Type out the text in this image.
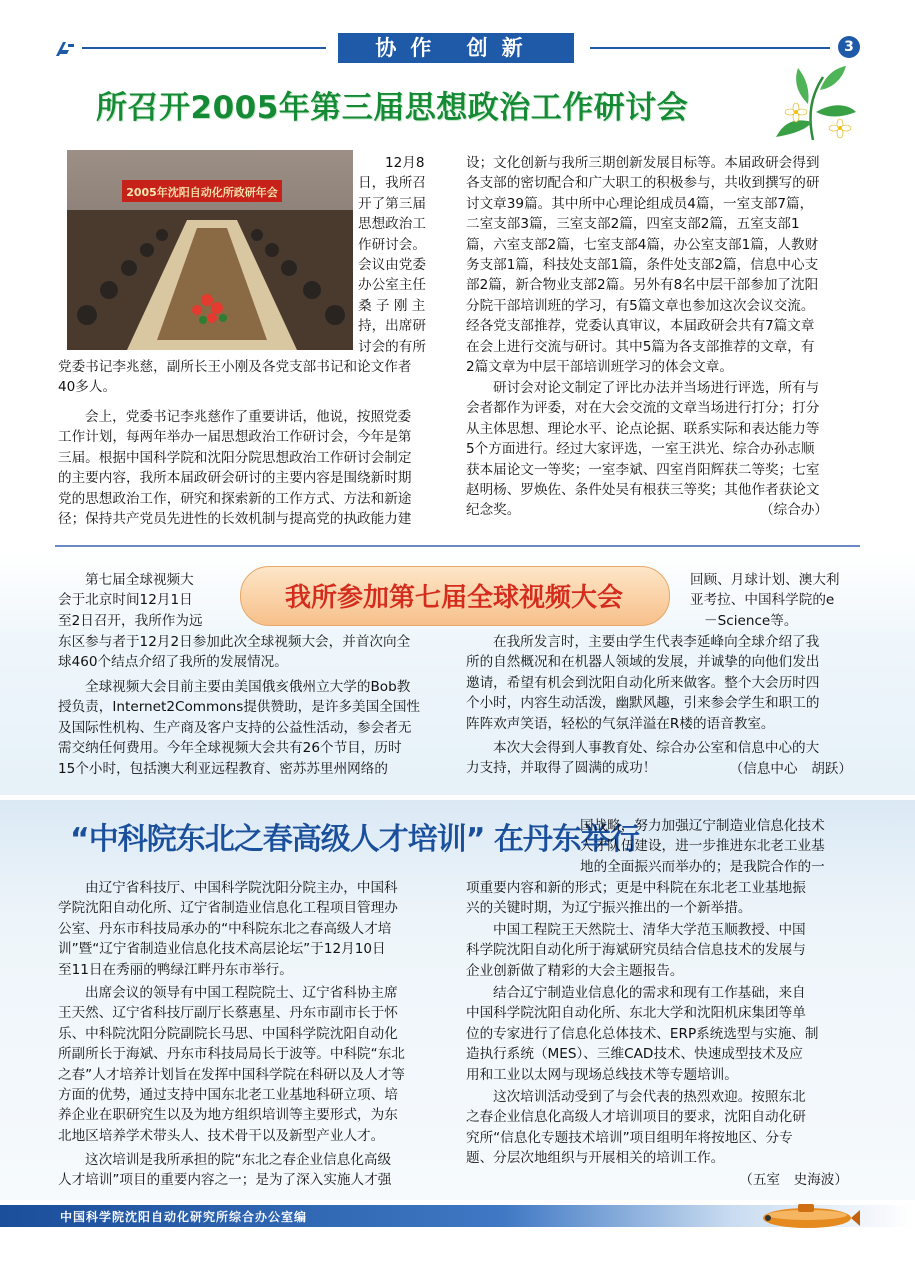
协作 创新	3
所召开2005年第三届思想政治工作研讨会
2005年沈阳自动化所政研年会
12月8
日，我所召
开了第三届
思想政治工
作研讨会。
会议由党委
办公室主任
桑 子 刚 主
持，出席研
讨会的有所
党委书记李兆慈，副所长王小刚及各党支部书记和论文作者
40多人。
会上，党委书记李兆慈作了重要讲话，他说，按照党委
工作计划，每两年举办一届思想政治工作研讨会，今年是第
三届。根据中国科学院和沈阳分院思想政治工作研讨会制定
的主要内容，我所本届政研会研讨的主要内容是围绕新时期
党的思想政治工作，研究和探索新的工作方式、方法和新途
径；保持共产党员先进性的长效机制与提高党的执政能力建
设；文化创新与我所三期创新发展目标等。本届政研会得到
各支部的密切配合和广大职工的积极参与，共收到撰写的研
讨文章39篇。其中所中心理论组成员4篇，一室支部7篇，
二室支部3篇，三室支部2篇，四室支部2篇，五室支部1
篇，六室支部2篇，七室支部4篇，办公室支部1篇，人教财
务支部1篇，科技处支部1篇，条件处支部2篇，信息中心支
部2篇，新合物业支部2篇。另外有8名中层干部参加了沈阳
分院干部培训班的学习，有5篇文章也参加这次会议交流。
经各党支部推荐，党委认真审议，本届政研会共有7篇文章
在会上进行交流与研讨。其中5篇为各支部推荐的文章，有
2篇文章为中层干部培训班学习的体会文章。
研讨会对论文制定了评比办法并当场进行评选，所有与
会者都作为评委，对在大会交流的文章当场进行打分；打分
从主体思想、理论水平、论点论据、联系实际和表达能力等
5个方面进行。经过大家评选，一室王洪光、综合办孙志顺
获本届论文一等奖；一室李斌、四室肖阳辉获二等奖；七室
赵明杨、罗焕佐、条件处吴有根获三等奖；其他作者获论文
纪念奖。	（综合办）
我所参加第七届全球视频大会
第七届全球视频大
会于北京时间12月1日
至2日召开，我所作为远
回顾、月球计划、澳大利
亚考拉、中国科学院的e
－Science等。
东区参与者于12月2日参加此次全球视频大会，并首次向全
球460个结点介绍了我所的发展情况。
全球视频大会目前主要由美国俄亥俄州立大学的Bob教
授负责，Internet2Commons提供赞助，是许多美国全国性
及国际性机构、生产商及客户支持的公益性活动，参会者无
需交纳任何费用。今年全球视频大会共有26个节目，历时
15个小时，包括澳大利亚远程教育、密苏苏里州网络的
在我所发言时，主要由学生代表李延峰向全球介绍了我
所的自然概况和在机器人领域的发展，并诚挚的向他们发出
邀请，希望有机会到沈阳自动化所来做客。整个大会历时四
个小时，内容生动活泼，幽默风趣，引来参会学生和职工的
阵阵欢声笑语，轻松的气氛洋溢在R楼的语音教室。
本次大会得到人事教育处、综合办公室和信息中心的大
力支持，并取得了圆满的成功！	（信息中心　胡跃）
“中科院东北之春高级人才培训” 在丹东举行
国战略，努力加强辽宁制造业信息化技术
人才队伍建设，进一步推进东北老工业基
地的全面振兴而举办的；是我院合作的一
由辽宁省科技厅、中国科学院沈阳分院主办，中国科
学院沈阳自动化所、辽宁省制造业信息化工程项目管理办
公室、丹东市科技局承办的“中科院东北之春高级人才培
训”暨“辽宁省制造业信息化技术高层论坛”于12月10日
至11日在秀丽的鸭绿江畔丹东市举行。
出席会议的领导有中国工程院院士、辽宁省科协主席
王天然、辽宁省科技厅副厅长蔡惠星、丹东市副市长于怀
乐、中科院沈阳分院副院长马思、中国科学院沈阳自动化
所副所长于海斌、丹东市科技局局长于波等。中科院“东北
之春”人才培养计划旨在发挥中国科学院在科研以及人才等
方面的优势，通过支持中国东北老工业基地科研立项、培
养企业在职研究生以及为地方组织培训等主要形式，为东
北地区培养学术带头人、技术骨干以及新型产业人才。
这次培训是我所承担的院“东北之春企业信息化高级
人才培训”项目的重要内容之一；是为了深入实施人才强
项重要内容和新的形式；更是中科院在东北老工业基地振
兴的关键时期，为辽宁振兴推出的一个新举措。
中国工程院王天然院士、清华大学范玉顺教授、中国
科学院沈阳自动化所于海斌研究员结合信息技术的发展与
企业创新做了精彩的大会主题报告。
结合辽宁制造业信息化的需求和现有工作基础，来自
中国科学院沈阳自动化所、东北大学和沈阳机床集团等单
位的专家进行了信息化总体技术、ERP系统选型与实施、制
造执行系统（MES）、三维CAD技术、快速成型技术及应
用和工业以太网与现场总线技术等专题培训。
这次培训活动受到了与会代表的热烈欢迎。按照东北
之春企业信息化高级人才培训项目的要求，沈阳自动化研
究所“信息化专题技术培训”项目组明年将按地区、分专
题、分层次地组织与开展相关的培训工作。
（五室　史海波）
中国科学院沈阳自动化研究所综合办公室编
